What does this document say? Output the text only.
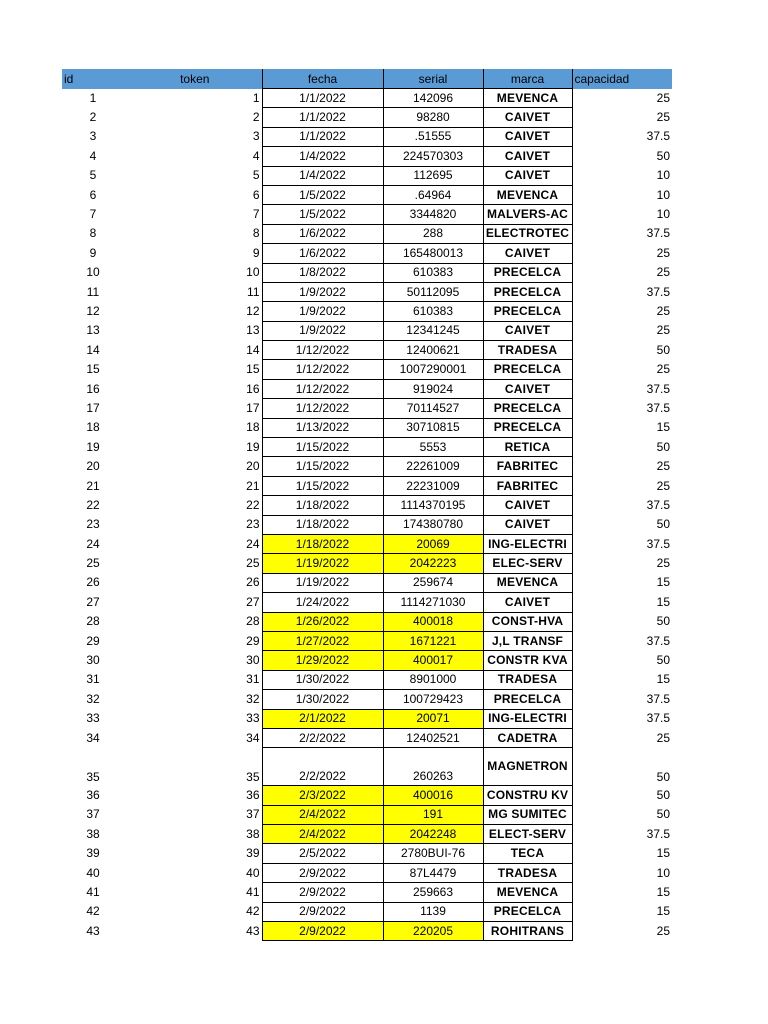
id	token	fecha	serial	marca	capacidad
1	1	1/1/2022	142096	MEVENCA	25
2	2	1/1/2022	98280	CAIVET	25
3	3	1/1/2022	.51555	CAIVET	37.5
4	4	1/4/2022	224570303	CAIVET	50
5	5	1/4/2022	112695	CAIVET	10
6	6	1/5/2022	.64964	MEVENCA	10
7	7	1/5/2022	3344820	MALVERS-AC	10
8	8	1/6/2022	288	ELECTROTEC	37.5
9	9	1/6/2022	165480013	CAIVET	25
10	10	1/8/2022	610383	PRECELCA	25
11	11	1/9/2022	50112095	PRECELCA	37.5
12	12	1/9/2022	610383	PRECELCA	25
13	13	1/9/2022	12341245	CAIVET	25
14	14	1/12/2022	12400621	TRADESA	50
15	15	1/12/2022	1007290001	PRECELCA	25
16	16	1/12/2022	919024	CAIVET	37.5
17	17	1/12/2022	70114527	PRECELCA	37.5
18	18	1/13/2022	30710815	PRECELCA	15
19	19	1/15/2022	5553	RETICA	50
20	20	1/15/2022	22261009	FABRITEC	25
21	21	1/15/2022	22231009	FABRITEC	25
22	22	1/18/2022	1114370195	CAIVET	37.5
23	23	1/18/2022	174380780	CAIVET	50
24	24	1/18/2022	20069	ING-ELECTRI	37.5
25	25	1/19/2022	2042223	ELEC-SERV	25
26	26	1/19/2022	259674	MEVENCA	15
27	27	1/24/2022	1114271030	CAIVET	15
28	28	1/26/2022	400018	CONST-HVA	50
29	29	1/27/2022	1671221	J,L TRANSF	37.5
30	30	1/29/2022	400017	CONSTR KVA	50
31	31	1/30/2022	8901000	TRADESA	15
32	32	1/30/2022	100729423	PRECELCA	37.5
33	33	2/1/2022	20071	ING-ELECTRI	37.5
34	34	2/2/2022	12402521	CADETRA	25
35	35	2/2/2022	260263	MAGNETRON	50
36	36	2/3/2022	400016	CONSTRU KV	50
37	37	2/4/2022	191	MG SUMITEC	50
38	38	2/4/2022	2042248	ELECT-SERV	37.5
39	39	2/5/2022	2780BUI-76	TECA	15
40	40	2/9/2022	87L4479	TRADESA	10
41	41	2/9/2022	259663	MEVENCA	15
42	42	2/9/2022	1139	PRECELCA	15
43	43	2/9/2022	220205	ROHITRANS	25
